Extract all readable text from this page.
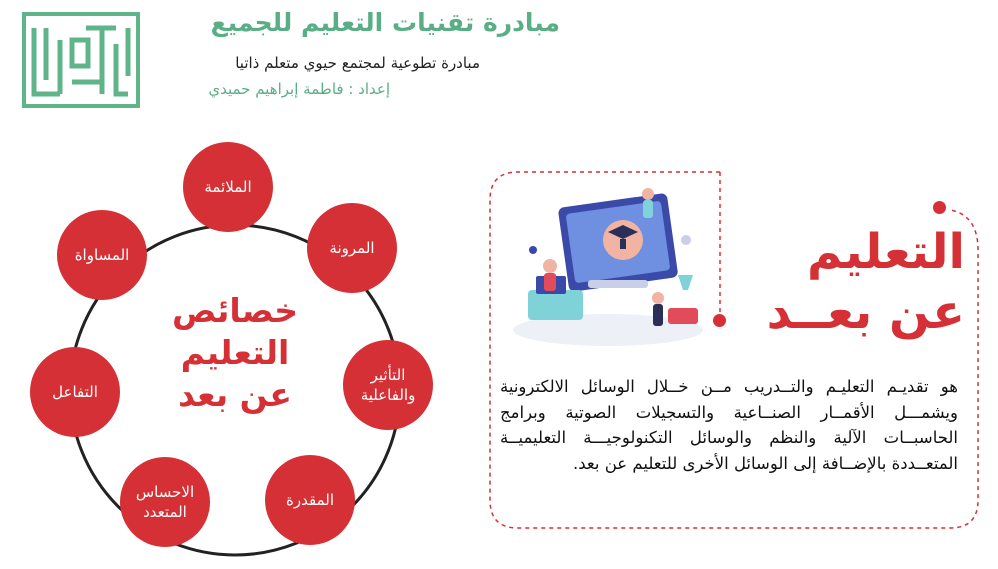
مبادرة تقنيات التعليم للجميع
مبادرة تطوعية لمجتمع حيوي متعلم ذاتيا
إعداد : فاطمة إبراهيم حميدي
الملائمة
المرونة
التأثير والفاعلية
المقدرة
الاحساس المتعدد
التفاعل
المساواة
خصائص
التعليم
عن بعد
التعليم
عن بعــد
هو تقديـم التعليـم والتــدريب مــن خــلال الوسائل الالكترونية ويشمـــل الأقمــار الصنــاعية والتسجيلات الصوتية وبرامج الحاسبــات الآلية والنظم والوسائل التكنولوجيـــة التعليميــة المتعــددة بالإضــافة إلى الوسائل الأخرى للتعليم عن بعد.
